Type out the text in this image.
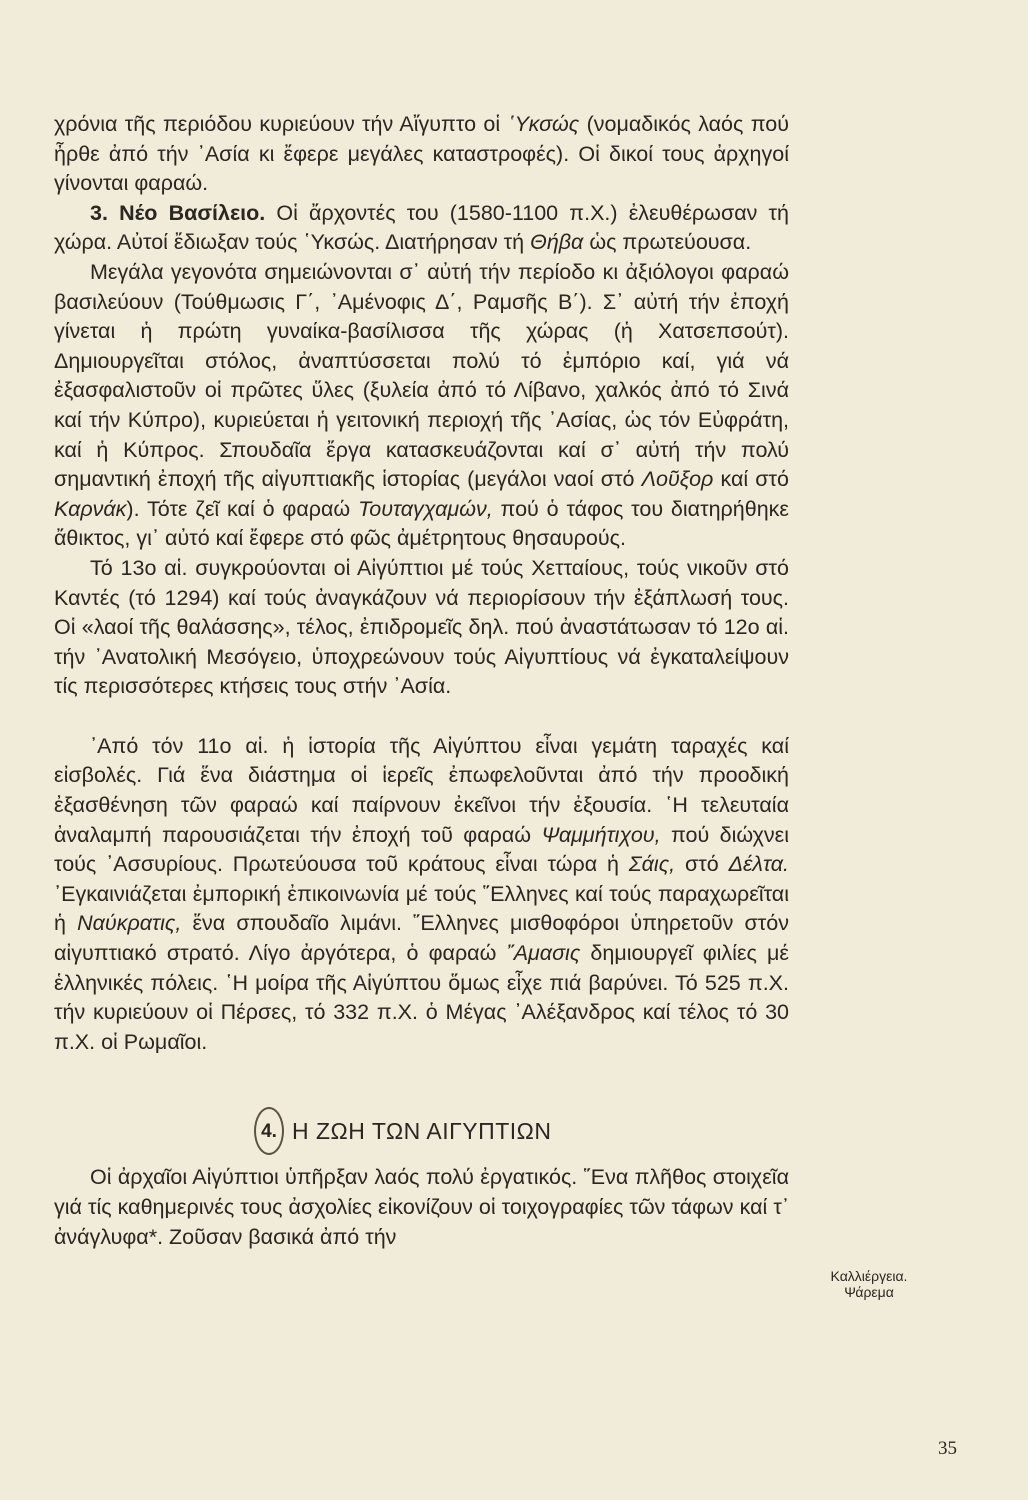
χρόνια τῆς περιόδου κυριεύουν τήν Αἴγυπτο οἱ ῾Υκσώς (νομαδικός λαός πού ἦρθε ἀπό τήν ᾿Ασία κι ἔφερε μεγάλες καταστροφές). Οἱ δικοί τους ἀρχηγοί γίνονται φαραώ.

3. Νέο Βασίλειο. Οἱ ἄρχοντές του (1580-1100 π.Χ.) ἐλευθέρωσαν τή χώρα. Αὐτοί ἔδιωξαν τούς ῾Υκσώς. Διατήρησαν τή Θήβα ὡς πρωτεύουσα.

Μεγάλα γεγονότα σημειώνονται σ᾿ αὐτή τήν περίοδο κι ἀξιόλογοι φαραώ βασιλεύουν (Τούθμωσις Γ΄, ᾿Αμένοφις Δ΄, Ραμσῆς Β΄). Σ᾿ αὐτή τήν ἐποχή γίνεται ἡ πρώτη γυναίκα-βασίλισσα τῆς χώρας (ἡ Χατσεπσούτ). Δημιουργεῖται στόλος, ἀναπτύσσεται πολύ τό ἐμπόριο καί, γιά νά ἐξασφαλιστοῦν οἱ πρῶτες ὕλες (ξυλεία ἀπό τό Λίβανο, χαλκός ἀπό τό Σινά καί τήν Κύπρο), κυριεύεται ἡ γειτονική περιοχή τῆς ᾿Ασίας, ὡς τόν Εὐφράτη, καί ἡ Κύπρος. Σπουδαῖα ἔργα κατασκευάζονται καί σ᾿ αὐτή τήν πολύ σημαντική ἐποχή τῆς αἰγυπτιακῆς ἱστορίας (μεγάλοι ναοί στό Λοῦξορ καί στό Καρνάκ). Τότε ζεῖ καί ὁ φαραώ Τουταγχαμών, πού ὁ τάφος του διατηρήθηκε ἄθικτος, γι᾿ αὐτό καί ἔφερε στό φῶς ἀμέτρητους θησαυρούς.

Τό 13ο αἱ. συγκρούονται οἱ Αἰγύπτιοι μέ τούς Χετταίους, τούς νικοῦν στό Καντές (τό 1294) καί τούς ἀναγκάζουν νά περιορίσουν τήν ἐξάπλωσή τους. Οἱ «λαοί τῆς θαλάσσης», τέλος, ἐπιδρομεῖς δηλ. πού ἀναστάτωσαν τό 12ο αἱ. τήν ᾿Ανατολική Μεσόγειο, ὑποχρεώνουν τούς Αἰγυπτίους νά ἐγκαταλείψουν τίς περισσότερες κτήσεις τους στήν ᾿Ασία.

᾿Από τόν 11ο αἱ. ἡ ἱστορία τῆς Αἰγύπτου εἶναι γεμάτη ταραχές καί εἰσβολές. Γιά ἕνα διάστημα οἱ ἱερεῖς ἐπωφελοῦνται ἀπό τήν προοδική ἐξασθένηση τῶν φαραώ καί παίρνουν ἐκεῖνοι τήν ἐξουσία. ῾Η τελευταία ἀναλαμπή παρουσιάζεται τήν ἐποχή τοῦ φαραώ Ψαμμήτιχου, πού διώχνει τούς ᾿Ασσυρίους. Πρωτεύουσα τοῦ κράτους εἶναι τώρα ἡ Σάις, στό Δέλτα. ᾿Εγκαινιάζεται ἐμπορική ἐπικοινωνία μέ τούς ῞Ελληνες καί τούς παραχωρεῖται ἡ Ναύκρατις, ἕνα σπουδαῖο λιμάνι. ῞Ελληνες μισθοφόροι ὑπηρετοῦν στόν αἰγυπτιακό στρατό. Λίγο ἀργότερα, ὁ φαραώ ῎Αμασις δημιουργεῖ φιλίες μέ ἑλληνικές πόλεις. ῾Η μοίρα τῆς Αἰγύπτου ὅμως εἶχε πιά βαρύνει. Τό 525 π.Χ. τήν κυριεύουν οἱ Πέρσες, τό 332 π.Χ. ὁ Μέγας ᾿Αλέξανδρος καί τέλος τό 30 π.Χ. οἱ Ρωμαῖοι.

4. Η ΖΩΗ ΤΩΝ ΑΙΓΥΠΤΙΩΝ

Οἱ ἀρχαῖοι Αἰγύπτιοι ὑπῆρξαν λαός πολύ ἐργατικός. ῞Ενα πλῆθος στοιχεῖα γιά τίς καθημερινές τους ἀσχολίες εἰκονίζουν οἱ τοιχογραφίες τῶν τάφων καί τ᾿ ἀνάγλυφα*. Ζοῦσαν βασικά ἀπό τήν

Καλλιέργεια.
Ψάρεμα
35
